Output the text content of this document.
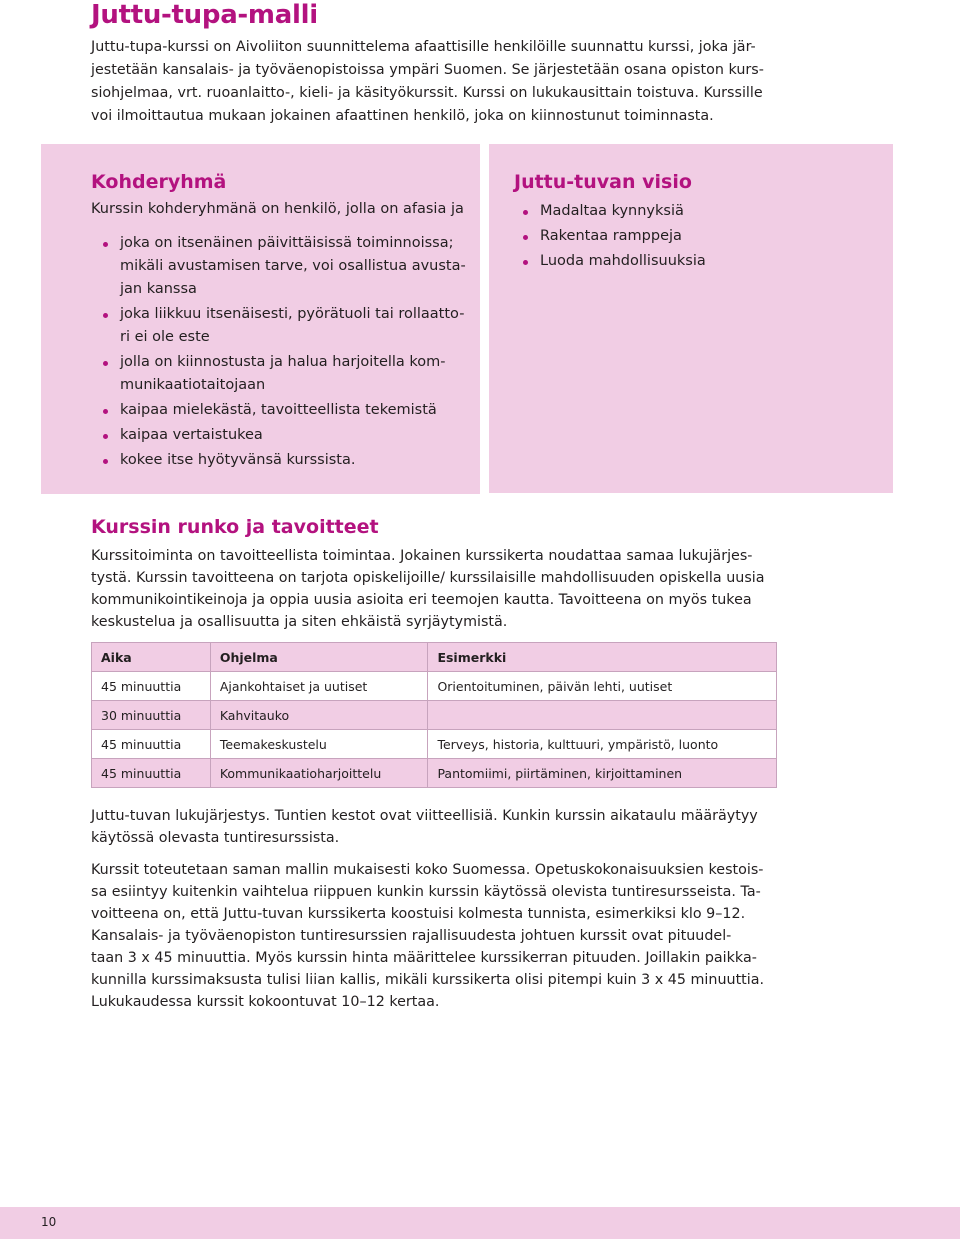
Juttu-tupa-malli

Juttu-tupa-kurssi on Aivoliiton suunnittelema afaattisille henkilöille suunnattu kurssi, joka jär-
jestetään kansalais- ja työväenopistoissa ympäri Suomen. Se järjestetään osana opiston kurs-
siohjelmaa, vrt. ruoanlaitto-, kieli- ja käsityökurssit. Kurssi on lukukausittain toistuva. Kurssille
voi ilmoittautua mukaan jokainen afaattinen henkilö, joka on kiinnostunut toiminnasta.

Kohderyhmä

Kurssin kohderyhmänä on henkilö, jolla on afasia ja

joka on itsenäinen päivittäisissä toiminnoissa;
mikäli avustamisen tarve, voi osallistua avusta-
jan kanssa
joka liikkuu itsenäisesti, pyörätuoli tai rollaatto-
ri ei ole este
jolla on kiinnostusta ja halua harjoitella kom-
munikaatiotaitojaan
kaipaa mielekästä, tavoitteellista tekemistä
kaipaa vertaistukea
kokee itse hyötyvänsä kurssista.
Juttu-tuvan visio
Madaltaa kynnyksiä
Rakentaa ramppeja
Luoda mahdollisuuksia
Kurssin runko ja tavoitteet

Kurssitoiminta on tavoitteellista toimintaa. Jokainen kurssikerta noudattaa samaa lukujärjes-
tystä. Kurssin tavoitteena on tarjota opiskelijoille/ kurssilaisille mahdollisuuden opiskella uusia
kommunikointikeinoja ja oppia uusia asioita eri teemojen kautta. Tavoitteena on myös tukea
keskustelua ja osallisuutta ja siten ehkäistä syrjäytymistä.

Aika	Ohjelma	Esimerkki
45 minuuttia	Ajankohtaiset ja uutiset	Orientoituminen, päivän lehti, uutiset
30 minuuttia	Kahvitauko	
45 minuuttia	Teemakeskustelu	Terveys, historia, kulttuuri, ympäristö, luonto
45 minuuttia	Kommunikaatioharjoittelu	Pantomiimi, piirtäminen, kirjoittaminen

Juttu-tuvan lukujärjestys. Tuntien kestot ovat viitteellisiä. Kunkin kurssin aikataulu määräytyy
käytössä olevasta tuntiresurssista.

Kurssit toteutetaan saman mallin mukaisesti koko Suomessa. Opetuskokonaisuuksien kestois-
sa esiintyy kuitenkin vaihtelua riippuen kunkin kurssin käytössä olevista tuntiresursseista. Ta-
voitteena on, että Juttu-tuvan kurssikerta koostuisi kolmesta tunnista, esimerkiksi klo 9–12.
Kansalais- ja työväenopiston tuntiresurssien rajallisuudesta johtuen kurssit ovat pituudel-
taan 3 x 45 minuuttia. Myös kurssin hinta määrittelee kurssikerran pituuden. Joillakin paikka-
kunnilla kurssimaksusta tulisi liian kallis, mikäli kurssikerta olisi pitempi kuin 3 x 45 minuuttia.
Lukukaudessa kurssit kokoontuvat 10–12 kertaa.

10
